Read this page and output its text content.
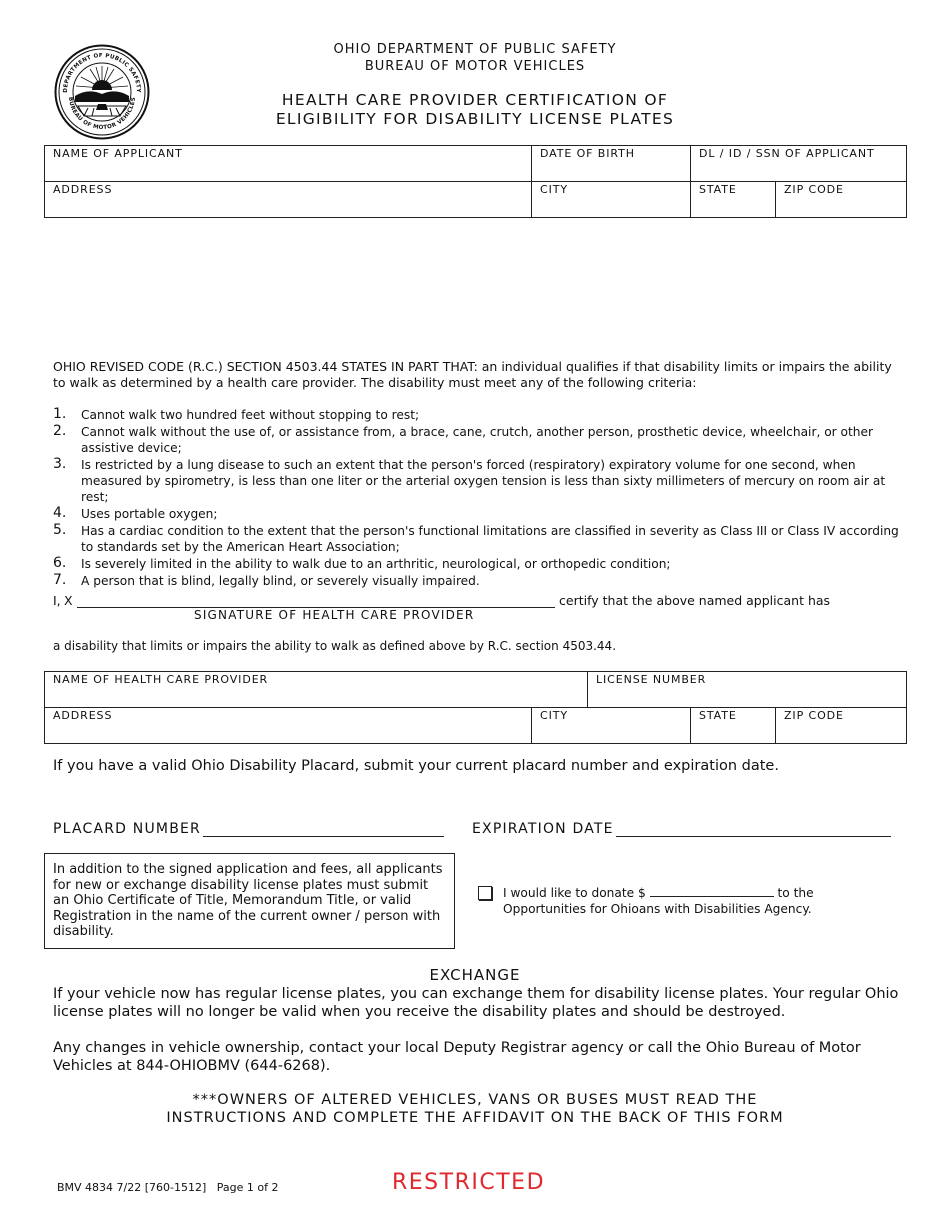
DEPARTMENT OF PUBLIC SAFETY
BUREAU OF MOTOR VEHICLES
OHIO DEPARTMENT OF PUBLIC SAFETY
BUREAU OF MOTOR VEHICLES
HEALTH CARE PROVIDER CERTIFICATION OF
ELIGIBILITY FOR DISABILITY LICENSE PLATES
NAME OF APPLICANT	DATE OF BIRTH	DL / ID / SSN OF APPLICANT	
ADDRESS	CITY	STATE	ZIP CODE
OHIO REVISED CODE (R.C.) SECTION 4503.44 STATES IN PART THAT: an individual qualifies if that disability limits or impairs the ability to walk as determined by a health care provider. The disability must meet any of the following criteria:
1. Cannot walk two hundred feet without stopping to rest;
2. Cannot walk without the use of, or assistance from, a brace, cane, crutch, another person, prosthetic device, wheelchair, or other assistive device;
3. Is restricted by a lung disease to such an extent that the person's forced (respiratory) expiratory volume for one second, when measured by spirometry, is less than one liter or the arterial oxygen tension is less than sixty millimeters of mercury on room air at rest;
4. Uses portable oxygen;
5. Has a cardiac condition to the extent that the person's functional limitations are classified in severity as Class III or Class IV according to standards set by the American Heart Association;
6. Is severely limited in the ability to walk due to an arthritic, neurological, or orthopedic condition;
7. A person that is blind, legally blind, or severely visually impaired.
I, X	certify that the above named applicant has
SIGNATURE OF HEALTH CARE PROVIDER
a disability that limits or impairs the ability to walk as defined above by R.C. section 4503.44.
NAME OF HEALTH CARE PROVIDER		LICENSE NUMBER		
ADDRESS	CITY		STATE	ZIP CODE
If you have a valid Ohio Disability Placard, submit your current placard number and expiration date.
PLACARD NUMBER	EXPIRATION DATE
In addition to the signed application and fees, all applicants for new or exchange disability license plates must submit an Ohio Certificate of Title, Memorandum Title, or valid Registration in the name of the current owner / person with disability.
I would like to donate $	to the
Opportunities for Ohioans with Disabilities Agency.
EXCHANGE
If your vehicle now has regular license plates, you can exchange them for disability license plates. Your regular Ohio license plates will no longer be valid when you receive the disability plates and should be destroyed.
Any changes in vehicle ownership, contact your local Deputy Registrar agency or call the Ohio Bureau of Motor Vehicles at 844-OHIOBMV (644-6268).
***OWNERS OF ALTERED VEHICLES, VANS OR BUSES MUST READ THE
INSTRUCTIONS AND COMPLETE THE AFFIDAVIT ON THE BACK OF THIS FORM
BMV 4834 7/22 [760-1512]   Page 1 of 2	RESTRICTED
